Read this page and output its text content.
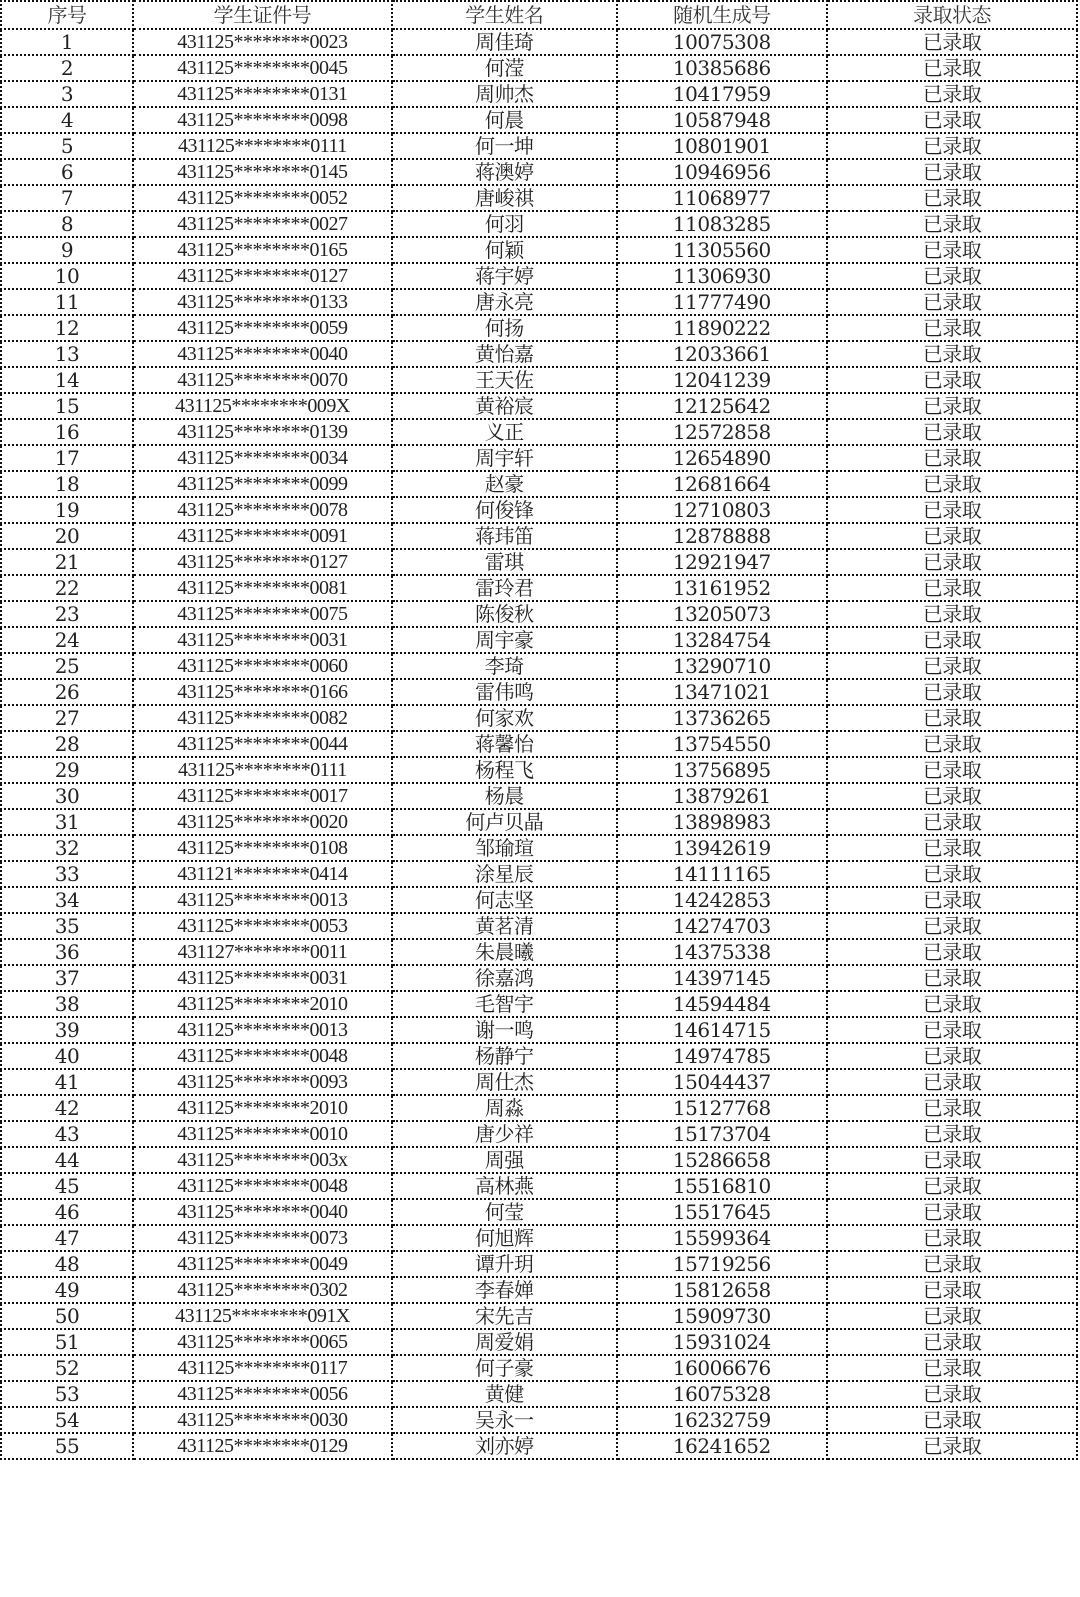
序号	学生证件号	学生姓名	随机生成号	录取状态
1	431125********0023	周佳琦	10075308	已录取
2	431125********0045	何滢	10385686	已录取
3	431125********0131	周帅杰	10417959	已录取
4	431125********0098	何晨	10587948	已录取
5	431125********0111	何一坤	10801901	已录取
6	431125********0145	蒋澳婷	10946956	已录取
7	431125********0052	唐峻祺	11068977	已录取
8	431125********0027	何羽	11083285	已录取
9	431125********0165	何颖	11305560	已录取
10	431125********0127	蒋宇婷	11306930	已录取
11	431125********0133	唐永亮	11777490	已录取
12	431125********0059	何扬	11890222	已录取
13	431125********0040	黄怡嘉	12033661	已录取
14	431125********0070	王天佐	12041239	已录取
15	431125********009X	黄裕宸	12125642	已录取
16	431125********0139	义正	12572858	已录取
17	431125********0034	周宇轩	12654890	已录取
18	431125********0099	赵豪	12681664	已录取
19	431125********0078	何俊锋	12710803	已录取
20	431125********0091	蒋玮笛	12878888	已录取
21	431125********0127	雷琪	12921947	已录取
22	431125********0081	雷玲君	13161952	已录取
23	431125********0075	陈俊秋	13205073	已录取
24	431125********0031	周宇豪	13284754	已录取
25	431125********0060	李琦	13290710	已录取
26	431125********0166	雷伟鸣	13471021	已录取
27	431125********0082	何家欢	13736265	已录取
28	431125********0044	蒋馨怡	13754550	已录取
29	431125********0111	杨程飞	13756895	已录取
30	431125********0017	杨晨	13879261	已录取
31	431125********0020	何卢贝晶	13898983	已录取
32	431125********0108	邹瑜瑄	13942619	已录取
33	431121********0414	涂星辰	14111165	已录取
34	431125********0013	何志坚	14242853	已录取
35	431125********0053	黄茗清	14274703	已录取
36	431127********0011	朱晨曦	14375338	已录取
37	431125********0031	徐嘉鸿	14397145	已录取
38	431125********2010	毛智宇	14594484	已录取
39	431125********0013	谢一鸣	14614715	已录取
40	431125********0048	杨静宁	14974785	已录取
41	431125********0093	周仕杰	15044437	已录取
42	431125********2010	周淼	15127768	已录取
43	431125********0010	唐少祥	15173704	已录取
44	431125********003x	周强	15286658	已录取
45	431125********0048	高林燕	15516810	已录取
46	431125********0040	何莹	15517645	已录取
47	431125********0073	何旭辉	15599364	已录取
48	431125********0049	谭升玥	15719256	已录取
49	431125********0302	李春婵	15812658	已录取
50	431125********091X	宋先吉	15909730	已录取
51	431125********0065	周爱娟	15931024	已录取
52	431125********0117	何子豪	16006676	已录取
53	431125********0056	黄健	16075328	已录取
54	431125********0030	吴永一	16232759	已录取
55	431125********0129	刘亦婷	16241652	已录取
